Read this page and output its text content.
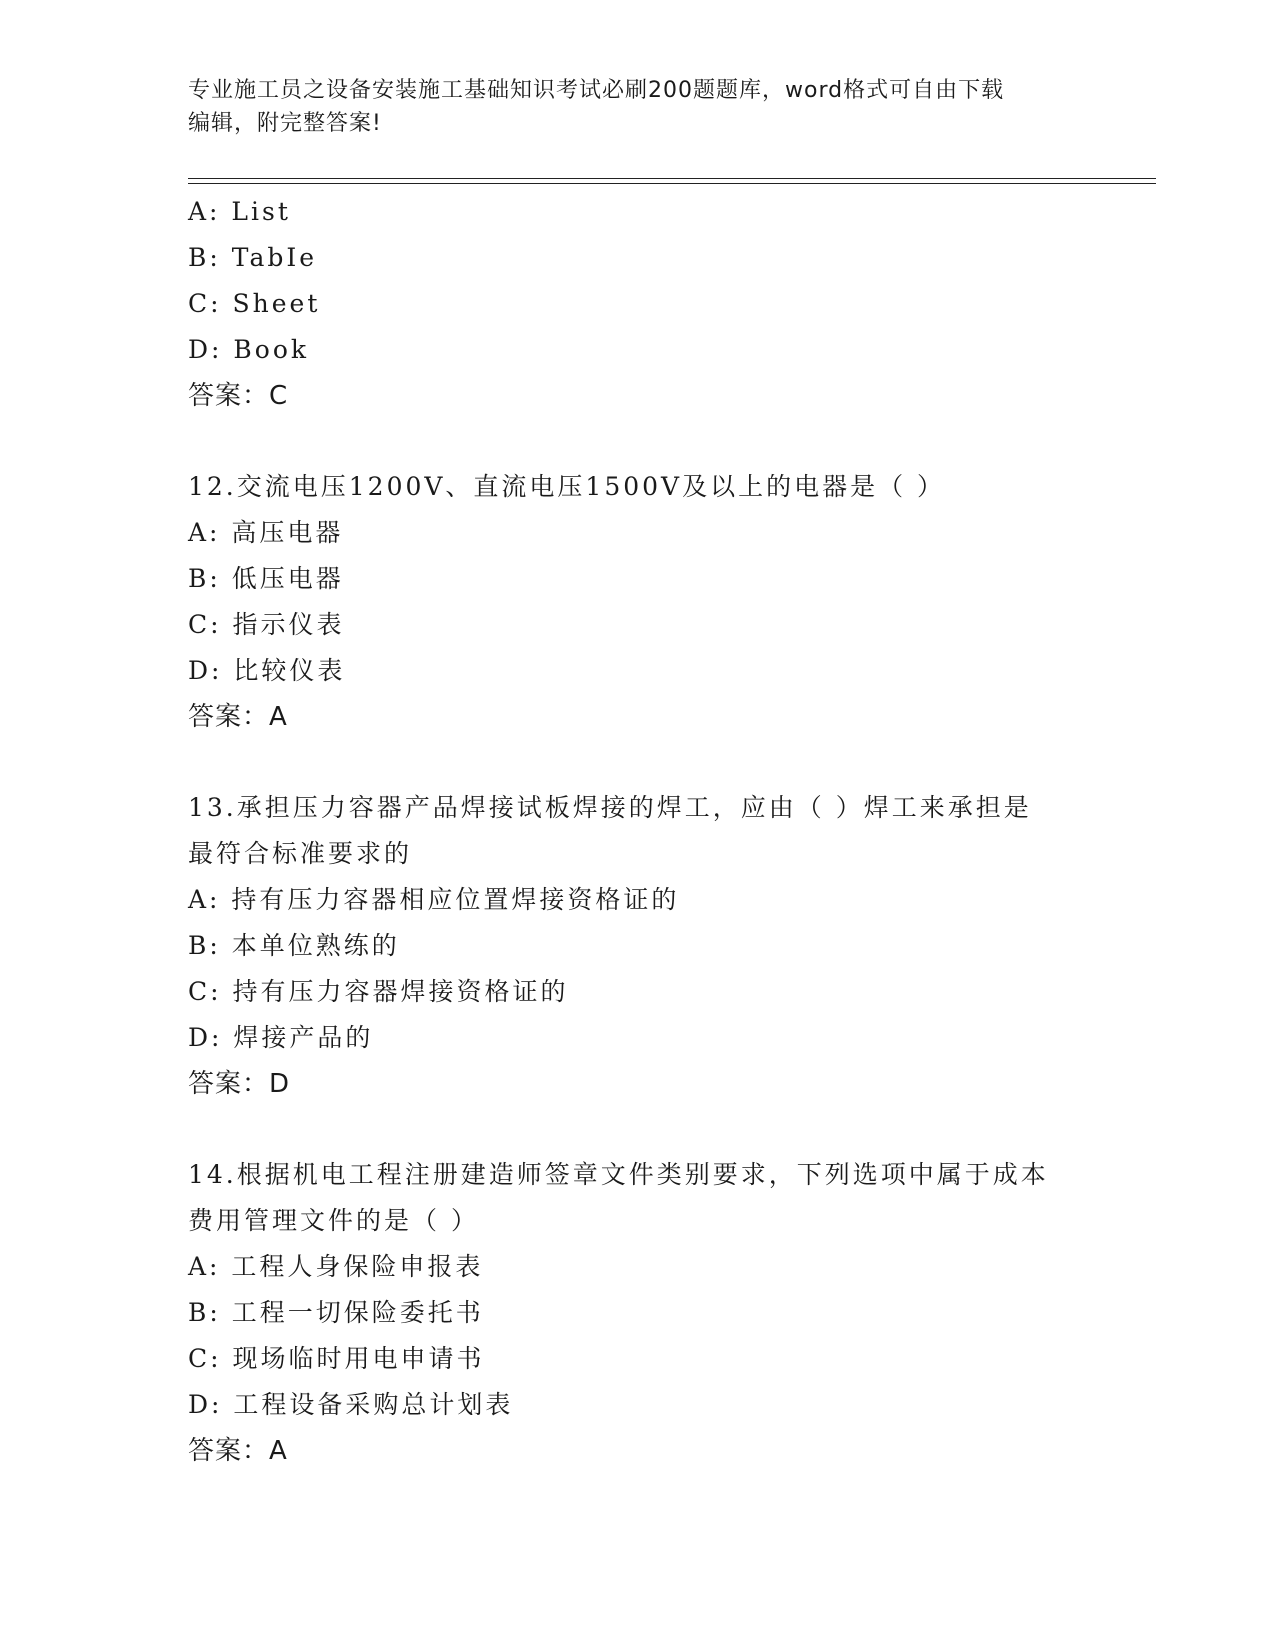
专业施工员之设备安装施工基础知识考试必刷200题题库，word格式可自由下载
编辑，附完整答案!
A: List
B: TabIe
C: Sheet
D: Book
答案：C
12.交流电压1200V、直流电压1500V及以上的电器是（ ）
A: 高压电器
B: 低压电器
C: 指示仪表
D: 比较仪表
答案：A
13.承担压力容器产品焊接试板焊接的焊工，应由（ ）焊工来承担是
最符合标准要求的
A: 持有压力容器相应位置焊接资格证的
B: 本单位熟练的
C: 持有压力容器焊接资格证的
D: 焊接产品的
答案：D
14.根据机电工程注册建造师签章文件类别要求，下列选项中属于成本
费用管理文件的是（ ）
A: 工程人身保险申报表
B: 工程一切保险委托书
C: 现场临时用电申请书
D: 工程设备采购总计划表
答案：A
